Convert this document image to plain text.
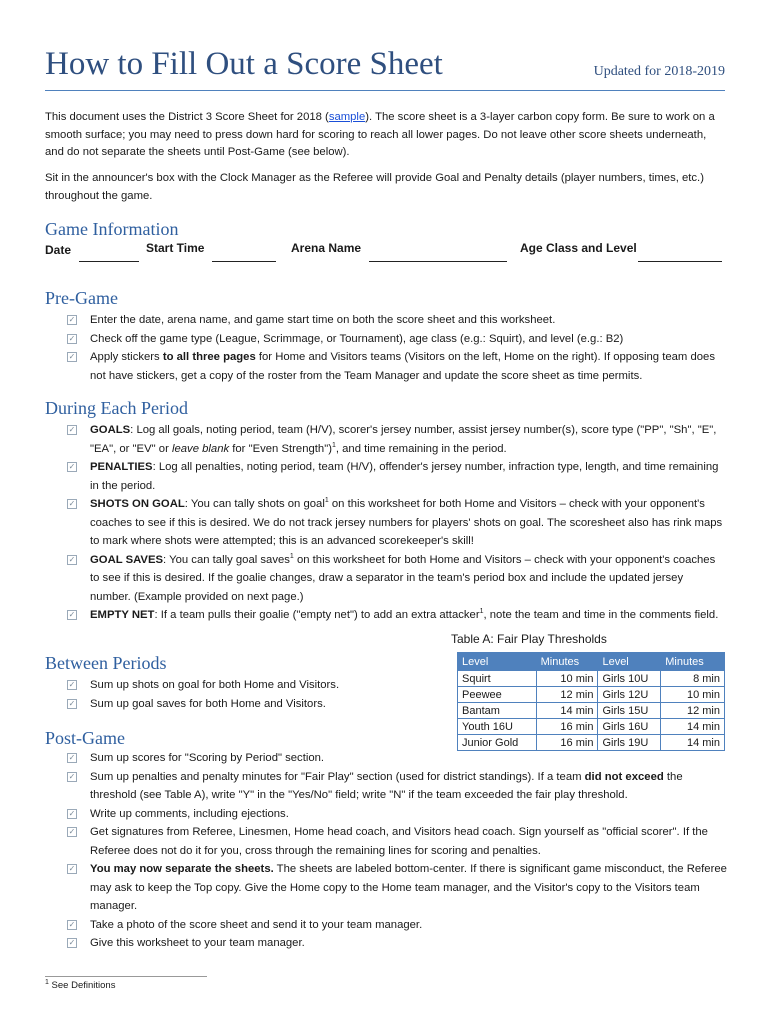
How to Fill Out a Score Sheet	Updated for 2018-2019
This document uses the District 3 Score Sheet for 2018 (sample). The score sheet is a 3-layer carbon copy form. Be sure to work on a smooth surface; you may need to press down hard for scoring to reach all lower pages. Do not leave other score sheets underneath, and do not separate the sheets until Post-Game (see below).
Sit in the announcer's box with the Clock Manager as the Referee will provide Goal and Penalty details (player numbers, times, etc.) throughout the game.
Game Information
Date	Start Time	Arena Name	Age Class and Level
Pre-Game
✓ Enter the date, arena name, and game start time on both the score sheet and this worksheet.
✓ Check off the game type (League, Scrimmage, or Tournament), age class (e.g.: Squirt), and level (e.g.: B2)
✓ Apply stickers to all three pages for Home and Visitors teams (Visitors on the left, Home on the right). If opposing team does not have stickers, get a copy of the roster from the Team Manager and update the score sheet as time permits.
During Each Period
✓ GOALS: Log all goals, noting period, team (H/V), scorer's jersey number, assist jersey number(s), score type ("PP", "Sh", "E", "EA", or "EV" or leave blank for "Even Strength")$^1$, and time remaining in the period.
✓ PENALTIES: Log all penalties, noting period, team (H/V), offender's jersey number, infraction type, length, and time remaining in the period.
✓ SHOTS ON GOAL: You can tally shots on goal$^1$ on this worksheet for both Home and Visitors – check with your opponent's coaches to see if this is desired. We do not track jersey numbers for players' shots on goal. The scoresheet also has rink maps to mark where shots were attempted; this is an advanced scorekeeper's skill!
✓ GOAL SAVES: You can tally goal saves$^1$ on this worksheet for both Home and Visitors – check with your opponent's coaches to see if this is desired. If the goalie changes, draw a separator in the team's period box and include the updated jersey number. (Example provided on next page.)
✓ EMPTY NET: If a team pulls their goalie ("empty net") to add an extra attacker$^1$, note the team and time in the comments field.
Between Periods
✓ Sum up shots on goal for both Home and Visitors.
✓ Sum up goal saves for both Home and Visitors.
Table A: Fair Play Thresholds
Level	Minutes	Level	Minutes
Squirt	10 min	Girls 10U	8 min
Peewee	12 min	Girls 12U	10 min
Bantam	14 min	Girls 15U	12 min
Youth 16U	16 min	Girls 16U	14 min
Junior Gold	16 min	Girls 19U	14 min
Post-Game
✓ Sum up scores for "Scoring by Period" section.
✓ Sum up penalties and penalty minutes for "Fair Play" section (used for district standings). If a team did not exceed the threshold (see Table A), write "Y" in the "Yes/No" field; write "N" if the team exceeded the fair play threshold.
✓ Write up comments, including ejections.
✓ Get signatures from Referee, Linesmen, Home head coach, and Visitors head coach. Sign yourself as "official scorer". If the Referee does not do it for you, cross through the remaining lines for scoring and penalties.
✓ You may now separate the sheets. The sheets are labeled bottom-center. If there is significant game misconduct, the Referee may ask to keep the Top copy. Give the Home copy to the Home team manager, and the Visitor's copy to the Visitors team manager.
✓ Take a photo of the score sheet and send it to your team manager.
✓ Give this worksheet to your team manager.
$^1$ See Definitions
